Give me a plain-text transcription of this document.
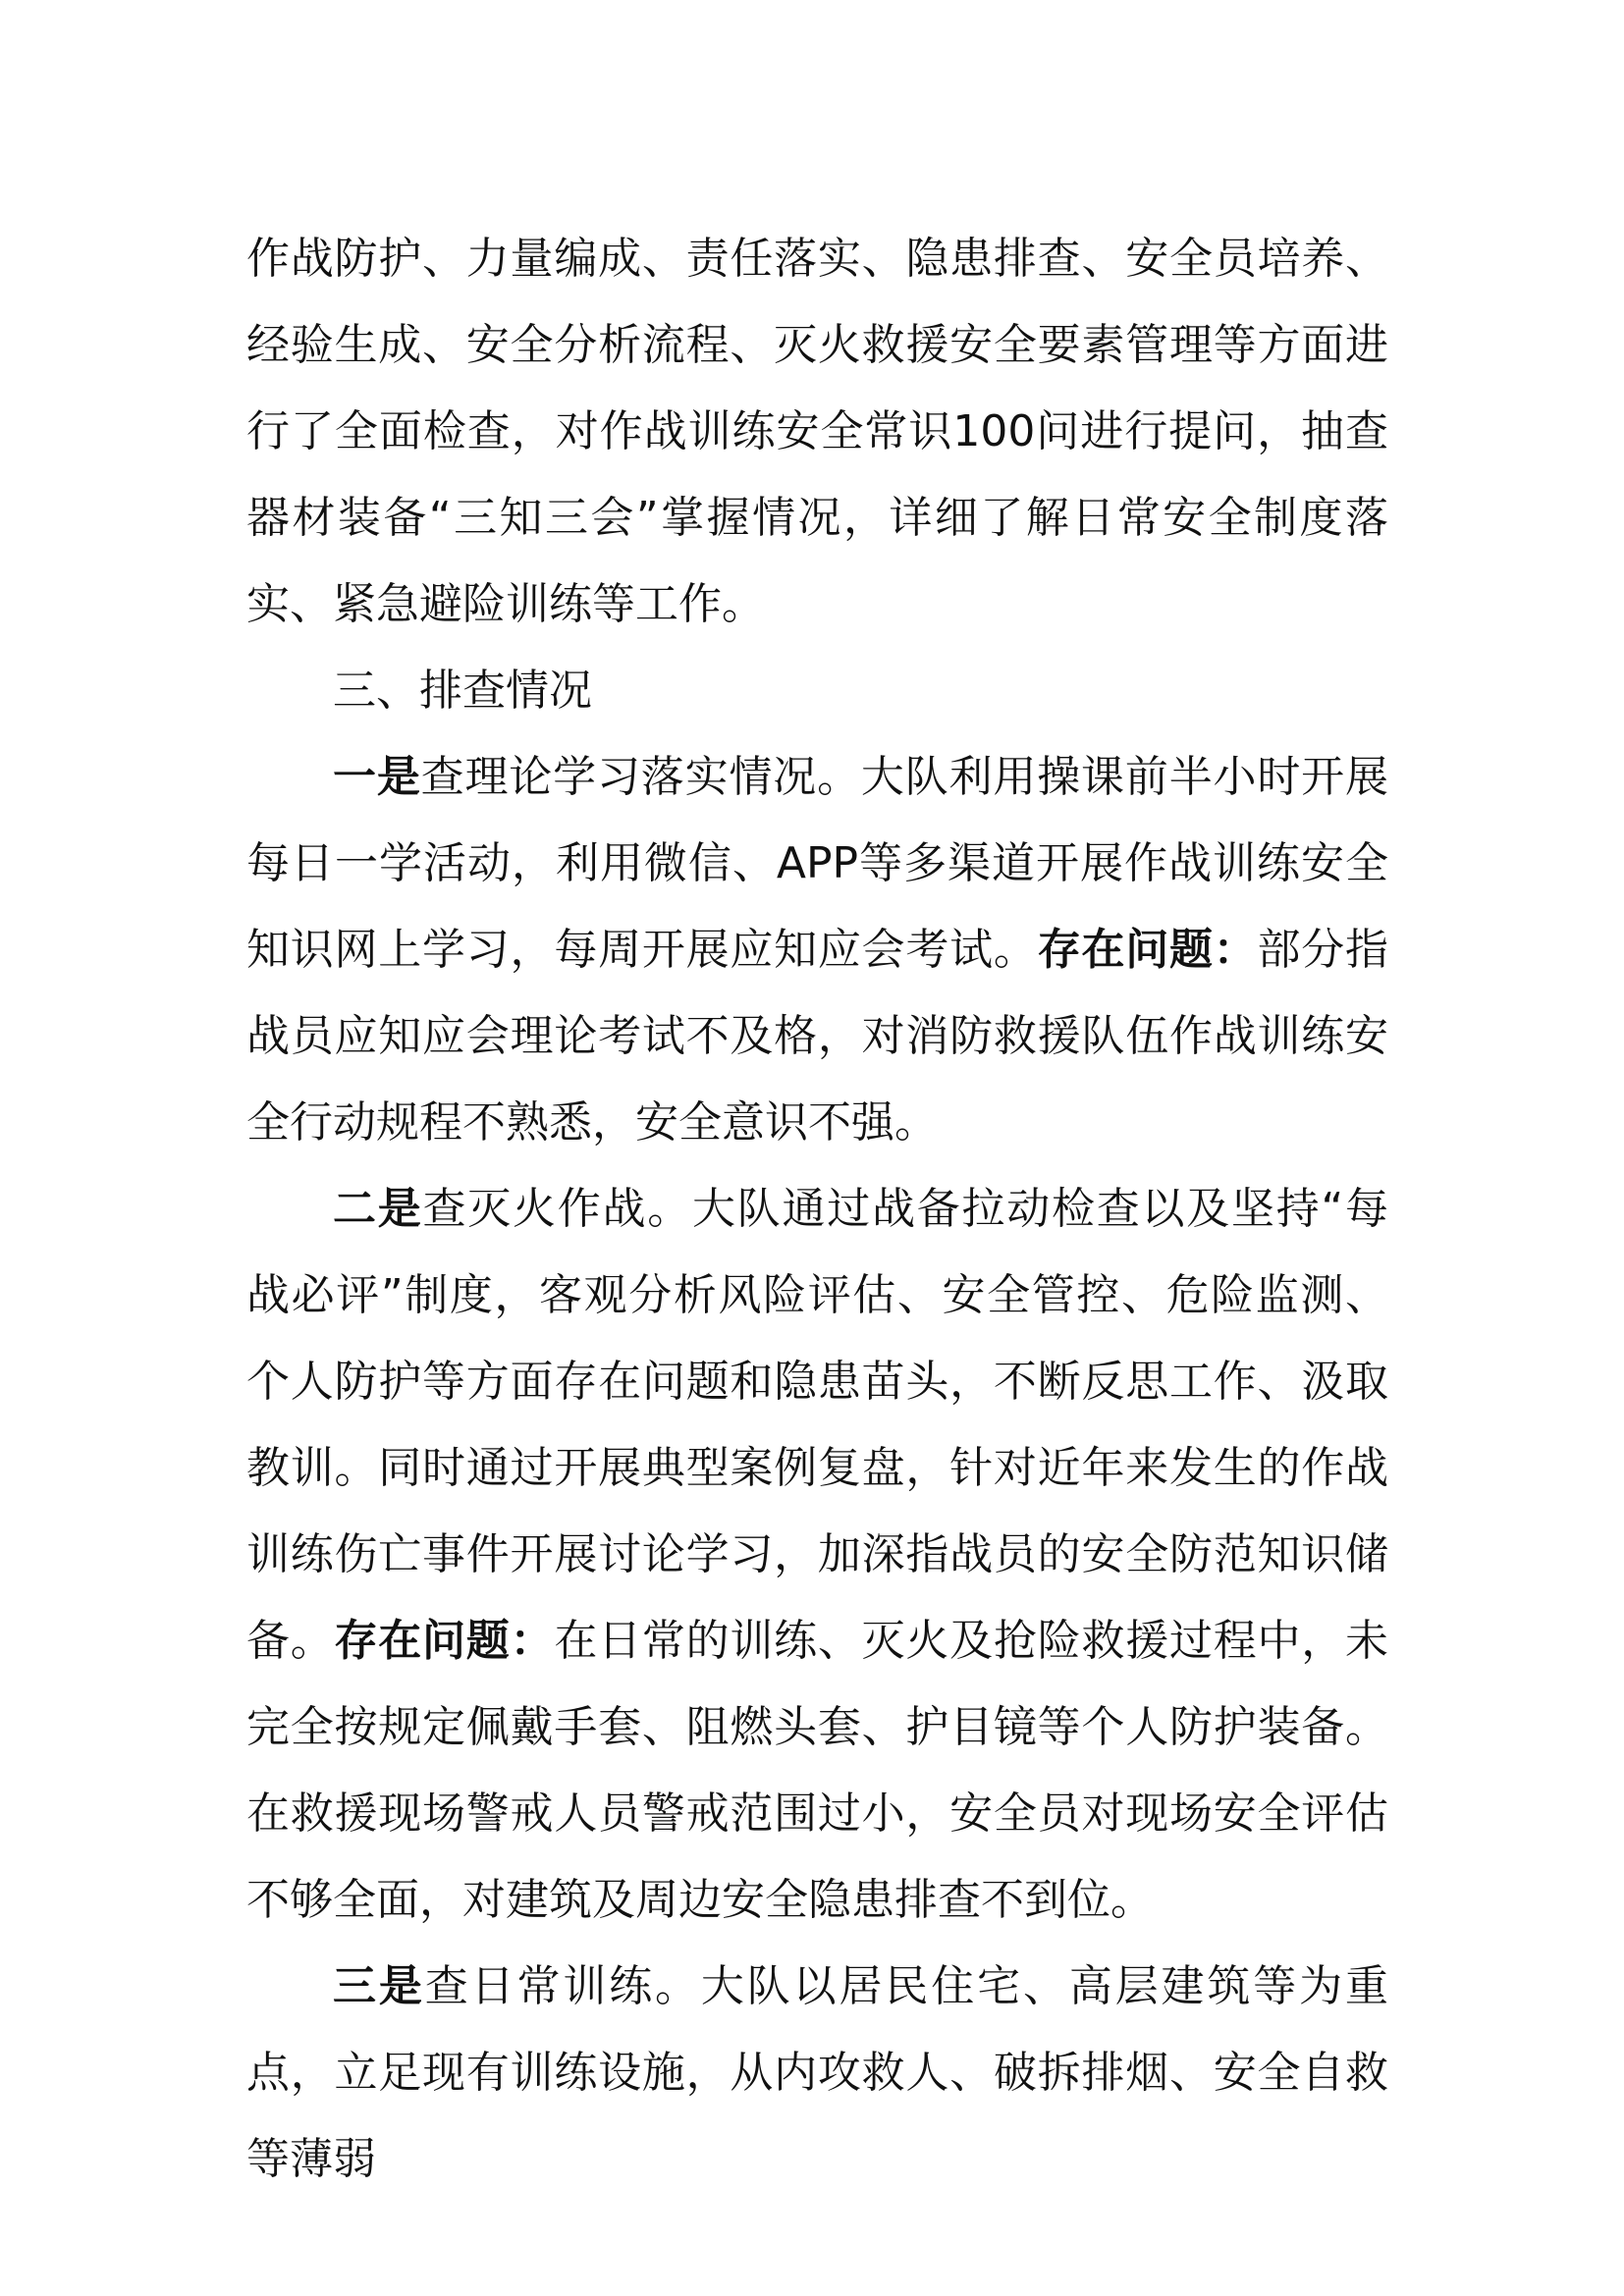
作战防护、力量编成、责任落实、隐患排查、安全员培养、经验生成、安全分析流程、灭火救援安全要素管理等方面进行了全面检查，对作战训练安全常识100问进行提问，抽查器材装备“三知三会”掌握情况，详细了解日常安全制度落实、紧急避险训练等工作。

三、排查情况

一是查理论学习落实情况。大队利用操课前半小时开展每日一学活动，利用微信、APP等多渠道开展作战训练安全知识网上学习，每周开展应知应会考试。存在问题：部分指战员应知应会理论考试不及格，对消防救援队伍作战训练安全行动规程不熟悉，安全意识不强。

二是查灭火作战。大队通过战备拉动检查以及坚持“每战必评”制度，客观分析风险评估、安全管控、危险监测、个人防护等方面存在问题和隐患苗头，不断反思工作、汲取教训。同时通过开展典型案例复盘，针对近年来发生的作战训练伤亡事件开展讨论学习，加深指战员的安全防范知识储备。存在问题：在日常的训练、灭火及抢险救援过程中，未完全按规定佩戴手套、阻燃头套、护目镜等个人防护装备。在救援现场警戒人员警戒范围过小，安全员对现场安全评估不够全面，对建筑及周边安全隐患排查不到位。

三是查日常训练。大队以居民住宅、高层建筑等为重点，立足现有训练设施，从内攻救人、破拆排烟、安全自救等薄弱
